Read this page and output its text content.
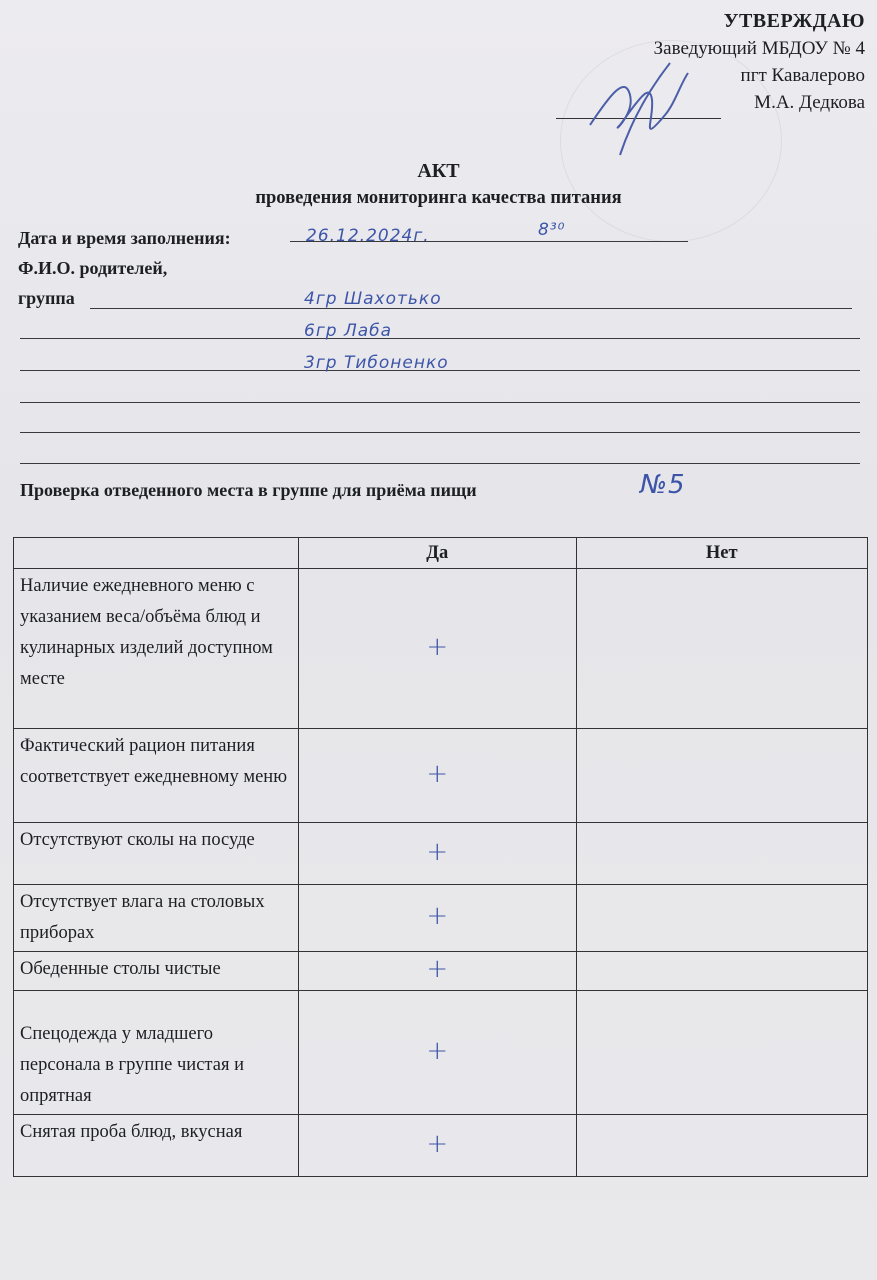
УТВЕРЖДАЮ
Заведующий МБДОУ № 4
пгт Кавалерово
М.А. Дедкова
АКТ
проведения мониторинга качества питания
Дата и время заполнения:	26.12.2024г.	8³⁰
Ф.И.О. родителей,
группа	4гр Шахотько
6гр Лаба
3гр Тибоненко
Проверка отведенного места в группе для приёма пищи	№5
	Да	Нет
Наличие ежедневного меню с указанием веса/объёма блюд и кулинарных изделий доступном месте	+	
Фактический рацион питания соответствует ежедневному меню	+	
Отсутствуют сколы на посуде	+	
Отсутствует влага на столовых приборах	+	
Обеденные столы чистые	+	
Спецодежда у младшего персонала в группе чистая и опрятная	+	
Снятая проба блюд, вкусная	+	
